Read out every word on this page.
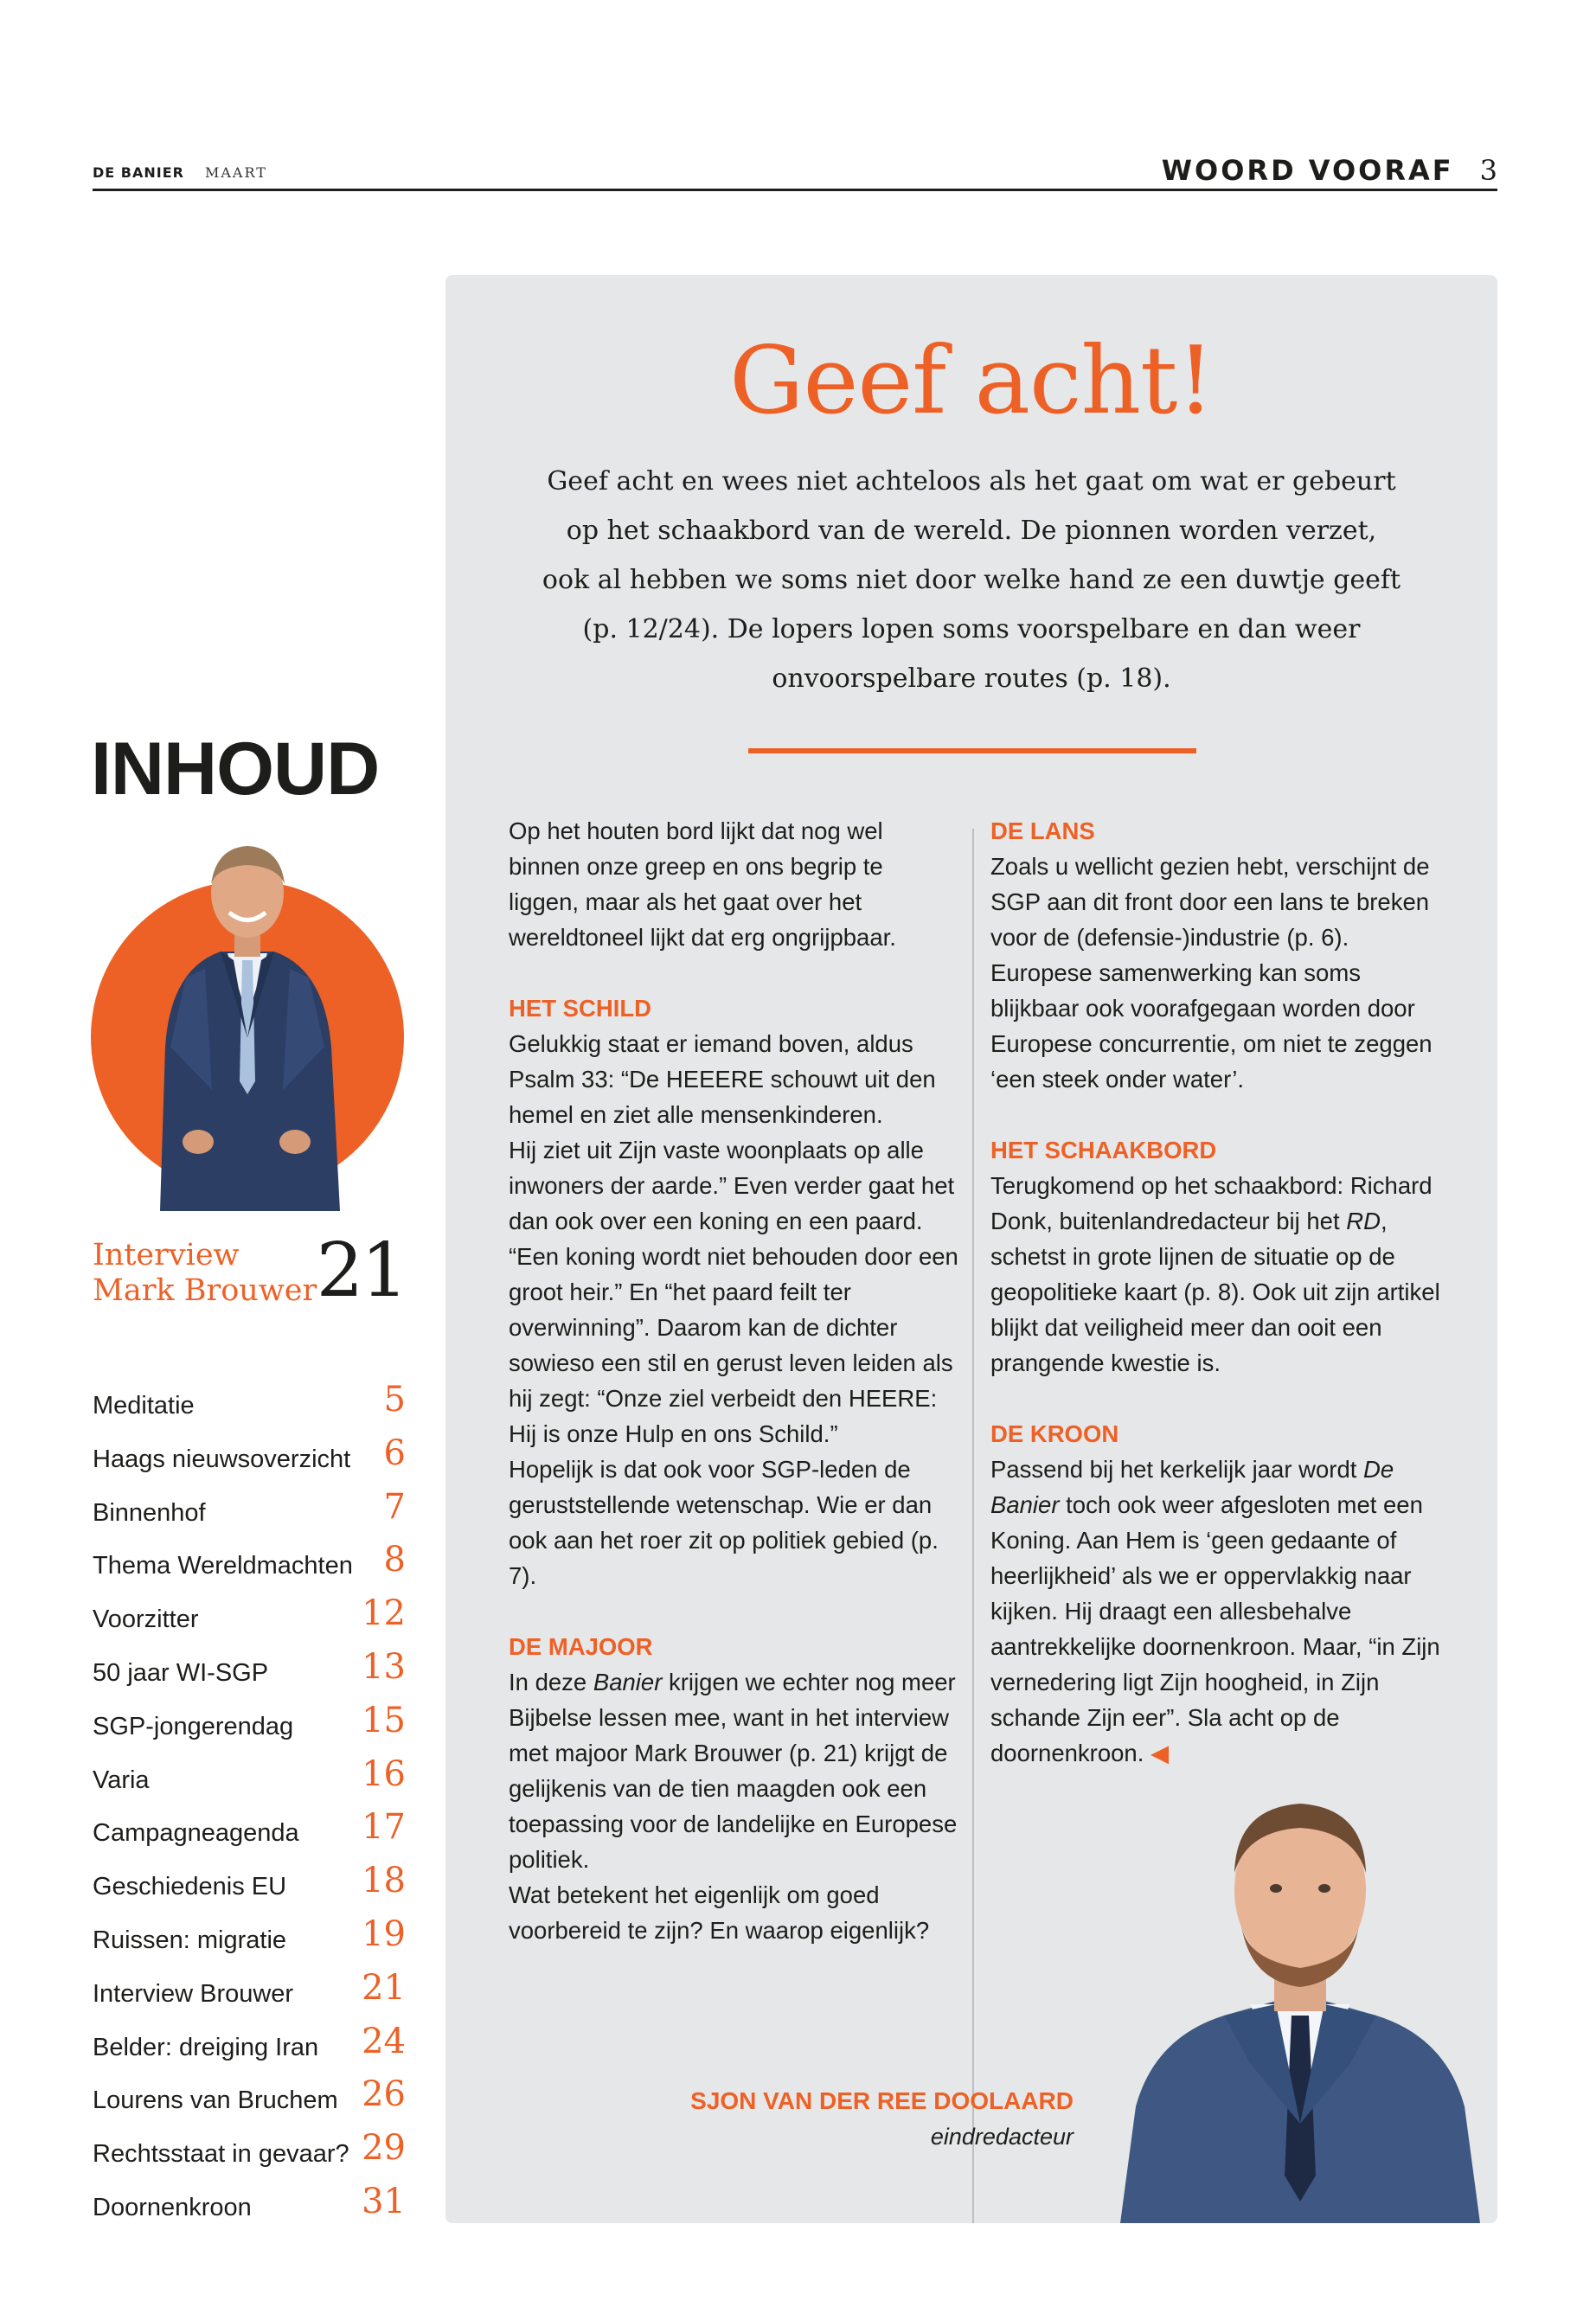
DE BANIER MAART	WOORD VOORAF 3
INHOUD
Interview
Mark Brouwer 21
Meditatie	5
Haags nieuwsoverzicht 6
Binnenhof	7
Thema Wereldmachten 8
Voorzitter	12
50 jaar WI-SGP	13
SGP-jongerendag 15
Varia	16
Campagneagenda 17
Geschiedenis EU 18
Ruissen: migratie 19
Interview Brouwer 21
Belder: dreiging Iran 24
Lourens van Bruchem 26
Rechtsstaat in gevaar? 29
Doornenkroon	31
Geef acht!
Geef acht en wees niet achteloos als het gaat om wat er gebeurt op het schaakbord van de wereld. De pionnen worden verzet, ook al hebben we soms niet door welke hand ze een duwtje geeft (p. 12/24). De lopers lopen soms voorspelbare en dan weer onvoorspelbare routes (p. 18).

Op het houten bord lijkt dat nog wel binnen onze greep en ons begrip te liggen, maar als het gaat over het wereldtoneel lijkt dat erg ongrijpbaar.

HET SCHILD
Gelukkig staat er iemand boven, aldus Psalm 33: “De HEEERE schouwt uit den hemel en ziet alle mensenkinderen.
Hij ziet uit Zijn vaste woonplaats op alle inwoners der aarde.” Even verder gaat het dan ook over een koning en een paard. “Een koning wordt niet behouden door een groot heir.” En “het paard feilt ter overwinning”. Daarom kan de dichter sowieso een stil en gerust leven leiden als hij zegt: “Onze ziel verbeidt den HEERE: Hij is onze Hulp en ons Schild.”
Hopelijk is dat ook voor SGP-leden de geruststellende wetenschap. Wie er dan ook aan het roer zit op politiek gebied (p. 7).
DE MAJOOR
In deze Banier krijgen we echter nog meer Bijbelse lessen mee, want in het interview met majoor Mark Brouwer (p. 21) krijgt de gelijkenis van de tien maagden ook een toepassing voor de landelijke en Europese politiek.
Wat betekent het eigenlijk om goed voorbereid te zijn? En waarop eigenlijk?
DE LANS
Zoals u wellicht gezien hebt, verschijnt de SGP aan dit front door een lans te breken voor de (defensie-)industrie (p. 6). Europese samenwerking kan soms blijkbaar ook voorafgegaan worden door Europese concurrentie, om niet te zeggen ‘een steek onder water’.
HET SCHAAKBORD
Terugkomend op het schaakbord: Richard Donk, buitenlandredacteur bij het RD, schetst in grote lijnen de situatie op de geopolitieke kaart (p. 8). Ook uit zijn artikel blijkt dat veiligheid meer dan ooit een prangende kwestie is.
DE KROON
Passend bij het kerkelijk jaar wordt De Banier toch ook weer afgesloten met een Koning. Aan Hem is ‘geen gedaante of heerlijkheid’ als we er oppervlakkig naar kijken. Hij draagt een allesbehalve aantrekkelijke doornenkroon. Maar, “in Zijn vernedering ligt Zijn hoogheid, in Zijn schande Zijn eer”. Sla acht op de doornenkroon. ◀
SJON VAN DER REE DOOLAARD
eindredacteur
